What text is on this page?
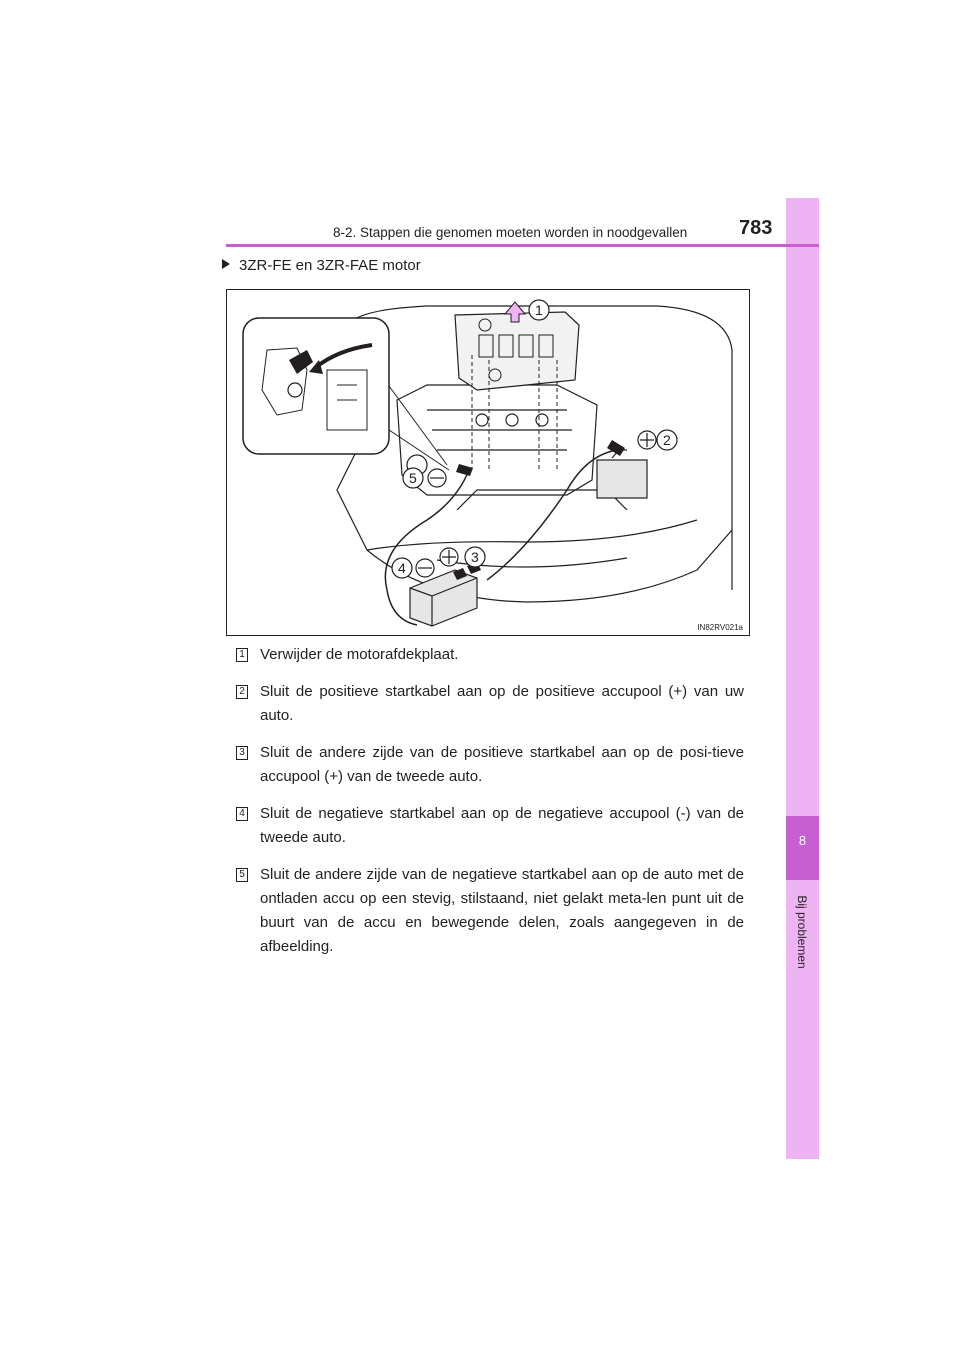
8
Bij problemen
8-2. Stappen die genomen moeten worden in noodgevallen	783
3ZR-FE en 3ZR-FAE motor
1
2
3
4
5
IN82RV021a
1 Verwijder de motorafdekplaat.
2 Sluit de positieve startkabel aan op de positieve accupool (+) van uw auto.
3 Sluit de andere zijde van de positieve startkabel aan op de posi-tieve accupool (+) van de tweede auto.
4 Sluit de negatieve startkabel aan op de negatieve accupool (-) van de tweede auto.
5 Sluit de andere zijde van de negatieve startkabel aan op de auto met de ontladen accu op een stevig, stilstaand, niet gelakt meta-len punt uit de buurt van de accu en bewegende delen, zoals aangegeven in de afbeelding.
